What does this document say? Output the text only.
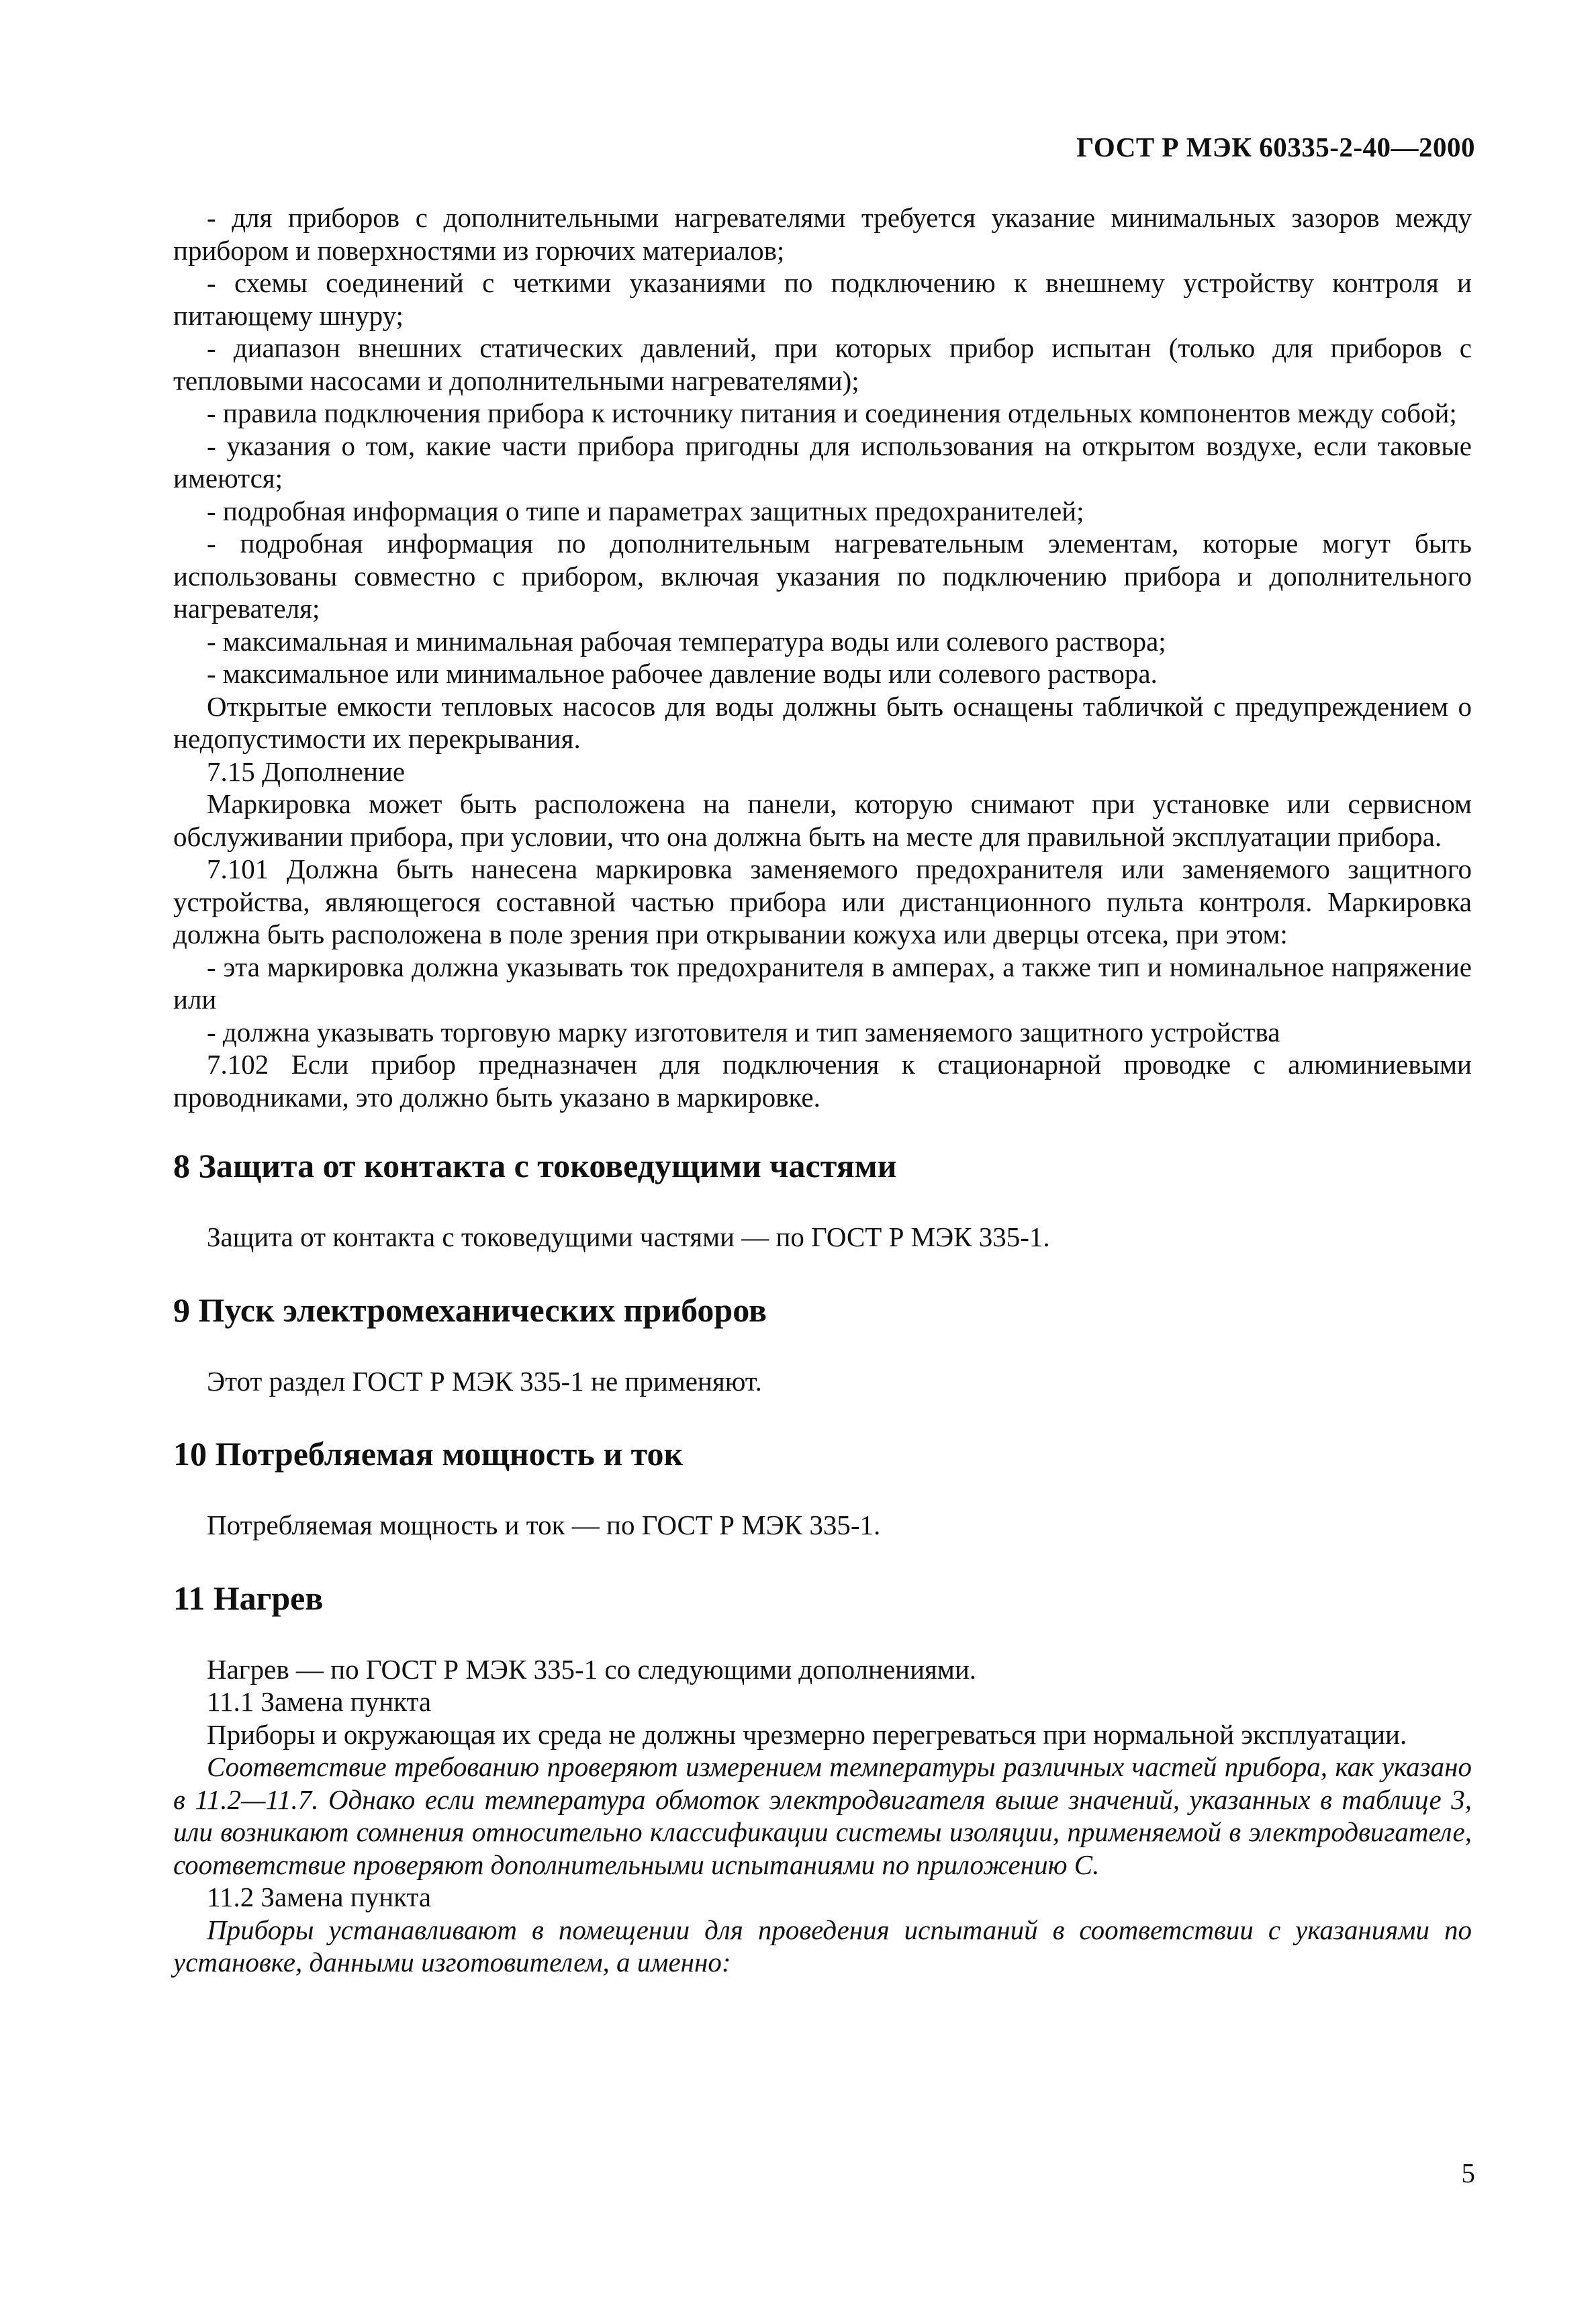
ГОСТ Р МЭК 60335-2-40—2000

- для приборов с дополнительными нагревателями требуется указание минимальных зазоров между прибором и поверхностями из горючих материалов;

- схемы соединений с четкими указаниями по подключению к внешнему устройству контроля и питающему шнуру;

- диапазон внешних статических давлений, при которых прибор испытан (только для приборов с тепловыми насосами и дополнительными нагревателями);

- правила подключения прибора к источнику питания и соединения отдельных компонентов между собой;

- указания о том, какие части прибора пригодны для использования на открытом воздухе, если таковые имеются;

- подробная информация о типе и параметрах защитных предохранителей;

- подробная информация по дополнительным нагревательным элементам, которые могут быть использованы совместно с прибором, включая указания по подключению прибора и дополнительного нагревателя;

- максимальная и минимальная рабочая температура воды или солевого раствора;

- максимальное или минимальное рабочее давление воды или солевого раствора.

Открытые емкости тепловых насосов для воды должны быть оснащены табличкой с предупреждением о недопустимости их перекрывания.

7.15 Дополнение

Маркировка может быть расположена на панели, которую снимают при установке или сервисном обслуживании прибора, при условии, что она должна быть на месте для правильной эксплуатации прибора.

7.101 Должна быть нанесена маркировка заменяемого предохранителя или заменяемого защитного устройства, являющегося составной частью прибора или дистанционного пульта контроля. Маркировка должна быть расположена в поле зрения при открывании кожуха или дверцы отсека, при этом:

- эта маркировка должна указывать ток предохранителя в амперах, а также тип и номинальное напряжение или

- должна указывать торговую марку изготовителя и тип заменяемого защитного устройства

7.102 Если прибор предназначен для подключения к стационарной проводке с алюминиевыми проводниками, это должно быть указано в маркировке.

8 Защита от контакта с токоведущими частями

Защита от контакта с токоведущими частями — по ГОСТ Р МЭК 335-1.

9 Пуск электромеханических приборов

Этот раздел ГОСТ Р МЭК 335-1 не применяют.

10 Потребляемая мощность и ток

Потребляемая мощность и ток — по ГОСТ Р МЭК 335-1.

11 Нагрев

Нагрев — по ГОСТ Р МЭК 335-1 со следующими дополнениями.

11.1 Замена пункта

Приборы и окружающая их среда не должны чрезмерно перегреваться при нормальной эксплуатации.

Соответствие требованию проверяют измерением температуры различных частей прибора, как указано в 11.2—11.7. Однако если температура обмоток электродвигателя выше значений, указанных в таблице 3, или возникают сомнения относительно классификации системы изоляции, применяемой в электродвигателе, соответствие проверяют дополнительными испытаниями по приложению С.

11.2 Замена пункта

Приборы устанавливают в помещении для проведения испытаний в соответствии с указаниями по установке, данными изготовителем, а именно:

5
